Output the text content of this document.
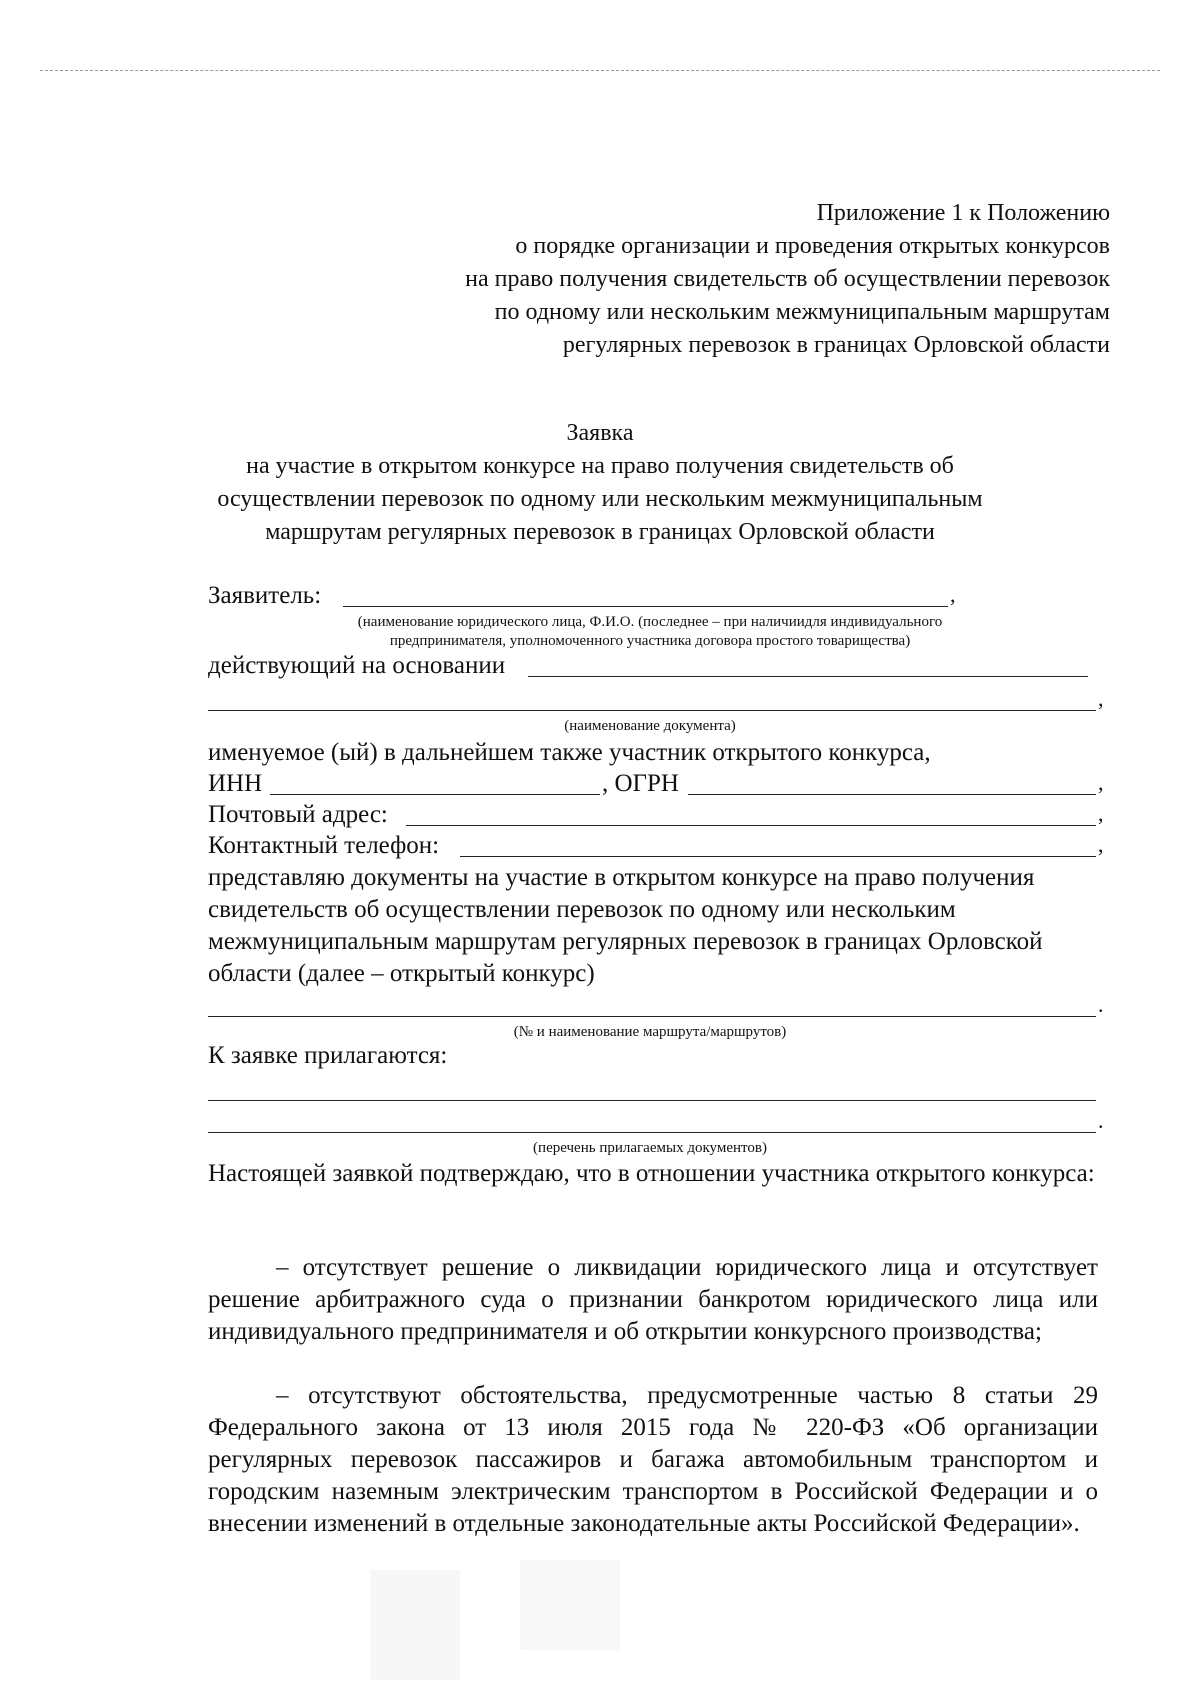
Приложение 1 к Положению
о порядке организации и проведения открытых конкурсов
на право получения свидетельств об осуществлении перевозок
по одному или нескольким межмуниципальным маршрутам
регулярных перевозок в границах Орловской области
Заявка
на участие в открытом конкурсе на право получения свидетельств об
осуществлении перевозок по одному или нескольким межмуниципальным
маршрутам регулярных перевозок в границах Орловской области
Заявитель:	,
(наименование юридического лица, Ф.И.О. (последнее – при наличиидля индивидуального
предпринимателя, уполномоченного участника договора простого товарищества)
действующий на основании
,
(наименование документа)
именуемое (ый) в дальнейшем также участник открытого конкурса,
ИНН	, ОГРН	,
Почтовый адрес:	,
Контактный телефон:	,
представляю документы на участие в открытом конкурсе на право получения свидетельств об осуществлении перевозок по одному или нескольким межмуниципальным маршрутам регулярных перевозок в границах Орловской области (далее – открытый конкурс)
.
(№ и наименование маршрута/маршрутов)
К заявке прилагаются:
.
(перечень прилагаемых документов)
Настоящей заявкой подтверждаю, что в отношении участника открытого конкурса:
– отсутствует решение о ликвидации юридического лица и отсутствует решение арбитражного суда о признании банкротом юридического лица или индивидуального предпринимателя и об открытии конкурсного производства;
– отсутствуют обстоятельства, предусмотренные частью 8 статьи 29 Федерального закона от 13 июля 2015 года № 220-ФЗ «Об организации регулярных перевозок пассажиров и багажа автомобильным транспортом и городским наземным электрическим транспортом в Российской Федерации и о внесении изменений в отдельные законодательные акты Российской Федерации».
